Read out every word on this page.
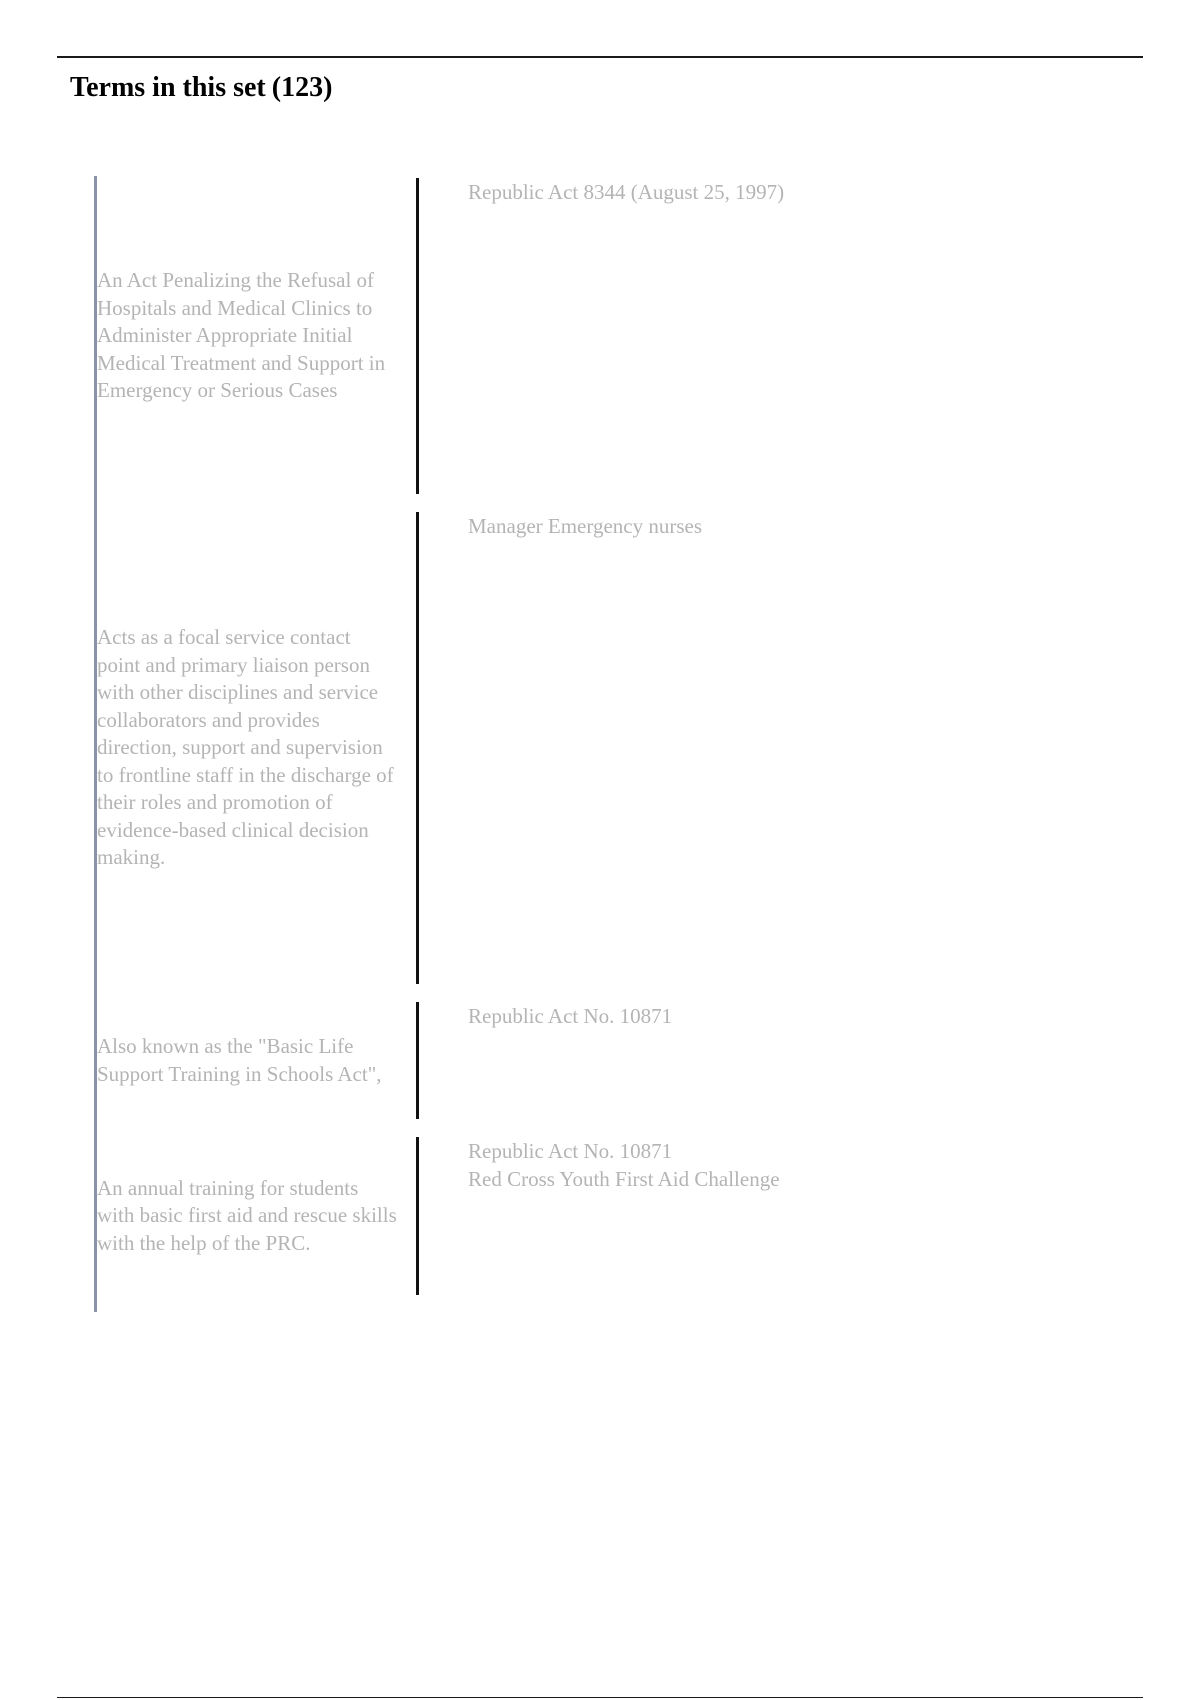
Terms in this set (123)
An Act Penalizing the Refusal of Hospitals and Medical Clinics to Administer Appropriate Initial Medical Treatment and Support in Emergency or Serious Cases
Republic Act 8344 (August 25, 1997)
Acts as a focal service contact point and primary liaison person with other disciplines and service collaborators and provides direction, support and supervision to frontline staff in the discharge of their roles and promotion of evidence-based clinical decision making.
Manager Emergency nurses
Also known as the "Basic Life Support Training in Schools Act",
Republic Act No. 10871
An annual training for students with basic first aid and rescue skills with the help of the PRC.
Republic Act No. 10871
Red Cross Youth First Aid Challenge
